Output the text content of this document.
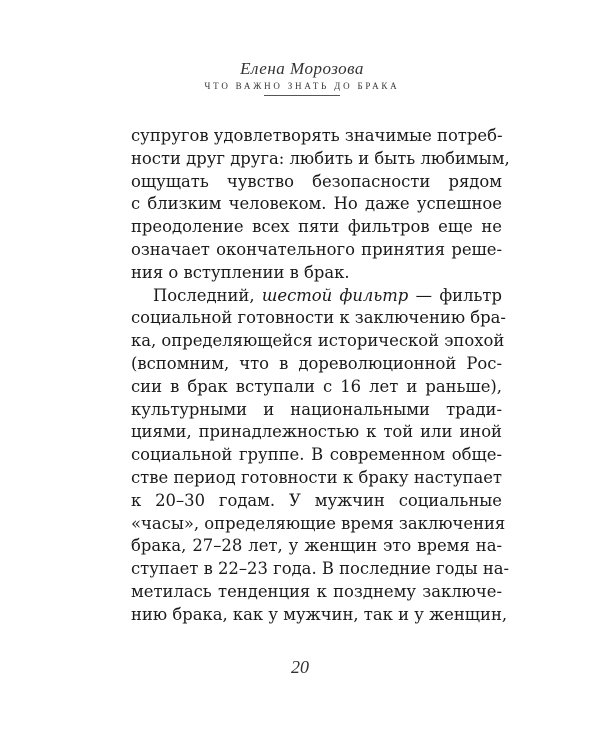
Елена Морозова
ЧТО ВАЖНО ЗНАТЬ ДО БРАКА
супругов удовлетворять значимые потреб-
ности друг друга: любить и быть любимым,
ощущать чувство безопасности рядом
с близким человеком. Но даже успешное
преодоление всех пяти фильтров еще не
означает окончательного принятия реше-
ния о вступлении в брак.
Последний, шестой фильтр — фильтр
социальной готовности к заключению бра-
ка, определяющейся исторической эпохой
(вспомним, что в дореволюционной Рос-
сии в брак вступали с 16 лет и раньше),
культурными и национальными тради-
циями, принадлежностью к той или иной
социальной группе. В современном обще-
стве период готовности к браку наступает
к 20–30 годам. У мужчин социальные
«часы», определяющие время заключения
брака, 27–28 лет, у женщин это время на-
ступает в 22–23 года. В последние годы на-
метилась тенденция к позднему заключе-
нию брака, как у мужчин, так и у женщин,
20
